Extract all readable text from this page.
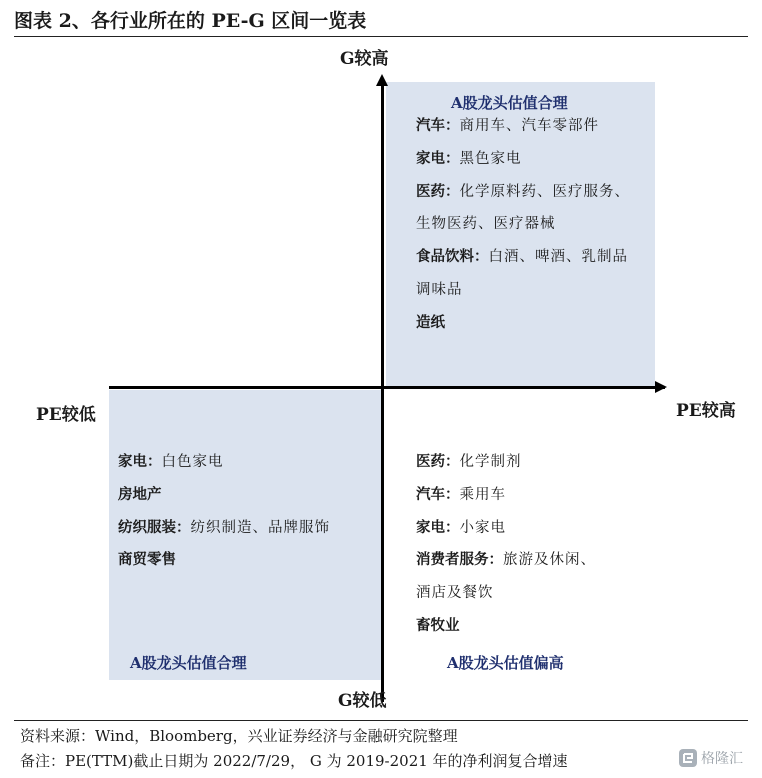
图表 2、各行业所在的 PE-G 区间一览表
G较高
G较低
PE较低	PE较高
A股龙头估值合理
A股龙头估值合理	A股龙头估值偏高
汽车：商用车、汽车零部件
家电：黑色家电
医药：化学原料药、医疗服务、
生物医药、医疗器械
食品饮料：白酒、啤酒、乳制品
调味品
造纸
家电：白色家电
房地产
纺织服装：纺织制造、品牌服饰
商贸零售
医药：化学制剂
汽车：乘用车
家电：小家电
消费者服务：旅游及休闲、
酒店及餐饮
畜牧业
资料来源：Wind，Bloomberg，兴业证券经济与金融研究院整理
备注：PE(TTM)截止日期为 2022/7/29， G 为 2019-2021 年的净利润复合增速	格隆汇
